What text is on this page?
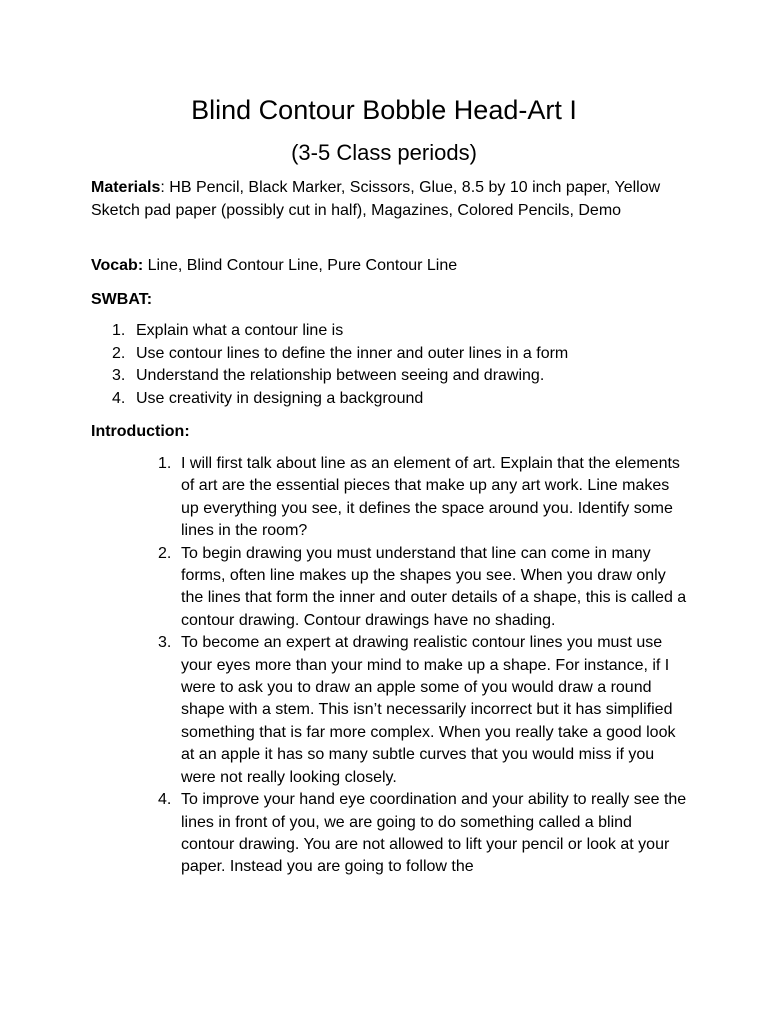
Blind Contour Bobble Head-Art I

(3-5 Class periods)

Materials: HB Pencil, Black Marker, Scissors, Glue, 8.5 by 10 inch paper, Yellow Sketch pad paper (possibly cut in half), Magazines, Colored Pencils, Demo

Vocab: Line, Blind Contour Line, Pure Contour Line

SWBAT:

1. Explain what a contour line is
2. Use contour lines to define the inner and outer lines in a form
3. Understand the relationship between seeing and drawing.
4. Use creativity in designing a background

Introduction:

1. I will first talk about line as an element of art. Explain that the elements of art are the essential pieces that make up any art work. Line makes up everything you see, it defines the space around you. Identify some lines in the room?
2. To begin drawing you must understand that line can come in many forms, often line makes up the shapes you see. When you draw only the lines that form the inner and outer details of a shape, this is called a contour drawing. Contour drawings have no shading.
3. To become an expert at drawing realistic contour lines you must use your eyes more than your mind to make up a shape. For instance, if I were to ask you to draw an apple some of you would draw a round shape with a stem. This isn’t necessarily incorrect but it has simplified something that is far more complex. When you really take a good look at an apple it has so many subtle curves that you would miss if you were not really looking closely.
4. To improve your hand eye coordination and your ability to really see the lines in front of you, we are going to do something called a blind contour drawing. You are not allowed to lift your pencil or look at your paper. Instead you are going to follow the
